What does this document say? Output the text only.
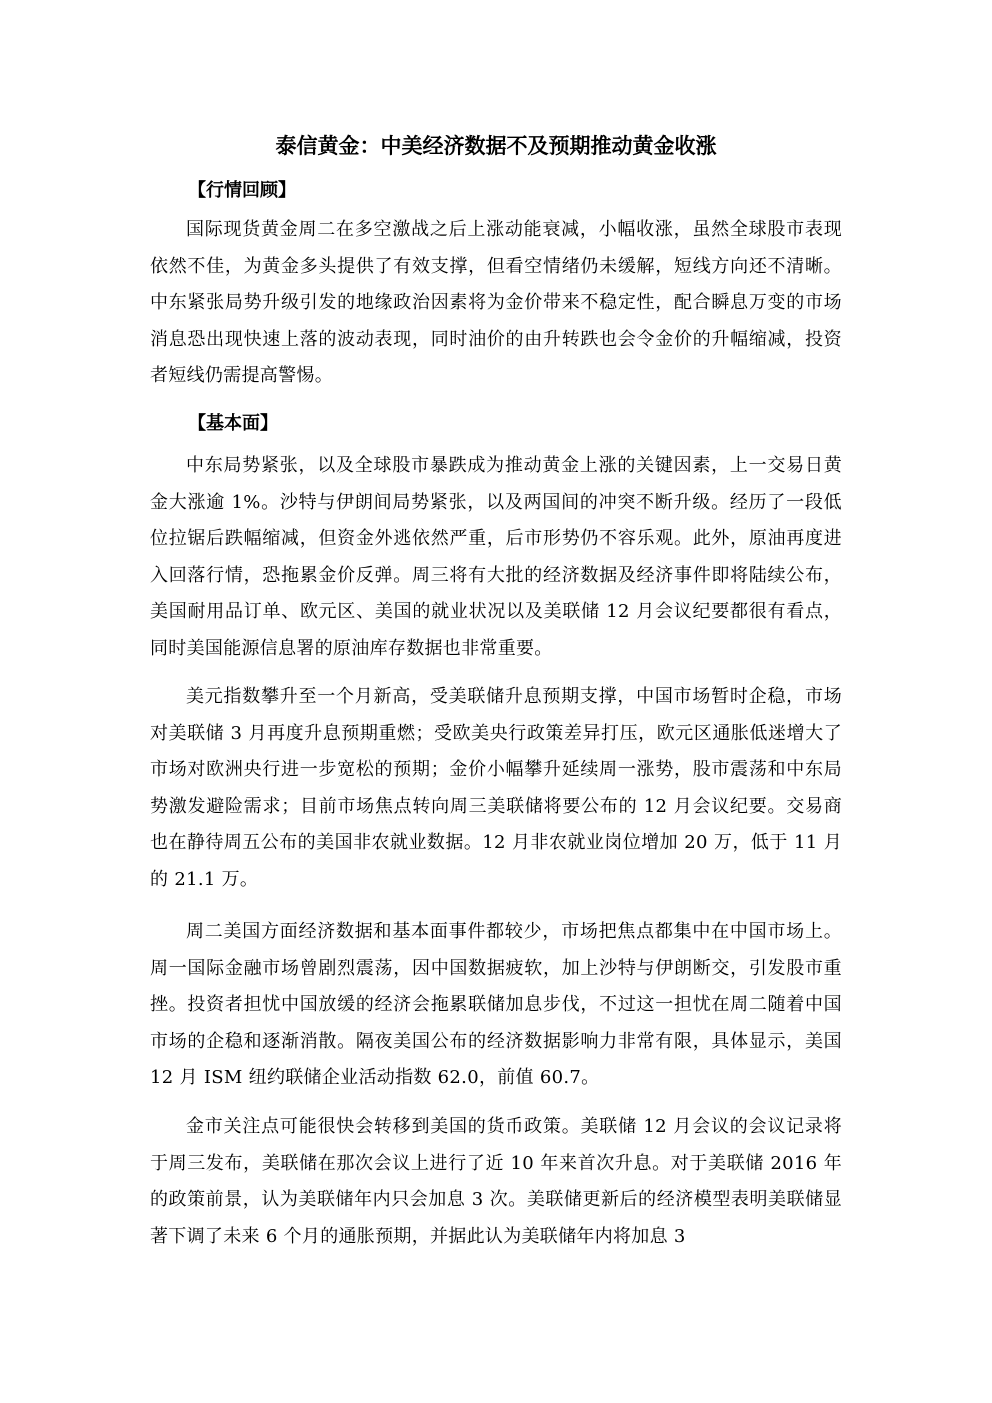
泰信黄金：中美经济数据不及预期推动黄金收涨
【行情回顾】

国际现货黄金周二在多空激战之后上涨动能衰减，小幅收涨，虽然全球股市表现依然不佳，为黄金多头提供了有效支撑，但看空情绪仍未缓解，短线方向还不清晰。中东紧张局势升级引发的地缘政治因素将为金价带来不稳定性，配合瞬息万变的市场消息恐出现快速上落的波动表现，同时油价的由升转跌也会令金价的升幅缩减，投资者短线仍需提高警惕。

【基本面】

中东局势紧张，以及全球股市暴跌成为推动黄金上涨的关键因素，上一交易日黄金大涨逾 1%。沙特与伊朗间局势紧张，以及两国间的冲突不断升级。经历了一段低位拉锯后跌幅缩减，但资金外逃依然严重，后市形势仍不容乐观。此外，原油再度进入回落行情，恐拖累金价反弹。周三将有大批的经济数据及经济事件即将陆续公布，美国耐用品订单、欧元区、美国的就业状况以及美联储 12 月会议纪要都很有看点，同时美国能源信息署的原油库存数据也非常重要。

美元指数攀升至一个月新高，受美联储升息预期支撑，中国市场暂时企稳，市场对美联储 3 月再度升息预期重燃；受欧美央行政策差异打压，欧元区通胀低迷增大了市场对欧洲央行进一步宽松的预期；金价小幅攀升延续周一涨势，股市震荡和中东局势激发避险需求；目前市场焦点转向周三美联储将要公布的 12 月会议纪要。交易商也在静待周五公布的美国非农就业数据。12 月非农就业岗位增加 20 万，低于 11 月的 21.1 万。

周二美国方面经济数据和基本面事件都较少，市场把焦点都集中在中国市场上。周一国际金融市场曾剧烈震荡，因中国数据疲软，加上沙特与伊朗断交，引发股市重挫。投资者担忧中国放缓的经济会拖累联储加息步伐，不过这一担忧在周二随着中国市场的企稳和逐渐消散。隔夜美国公布的经济数据影响力非常有限，具体显示，美国 12 月 ISM 纽约联储企业活动指数 62.0，前值 60.7。

金市关注点可能很快会转移到美国的货币政策。美联储 12 月会议的会议记录将于周三发布，美联储在那次会议上进行了近 10 年来首次升息。对于美联储 2016 年的政策前景，认为美联储年内只会加息 3 次。美联储更新后的经济模型表明美联储显著下调了未来 6 个月的通胀预期，并据此认为美联储年内将加息 3
